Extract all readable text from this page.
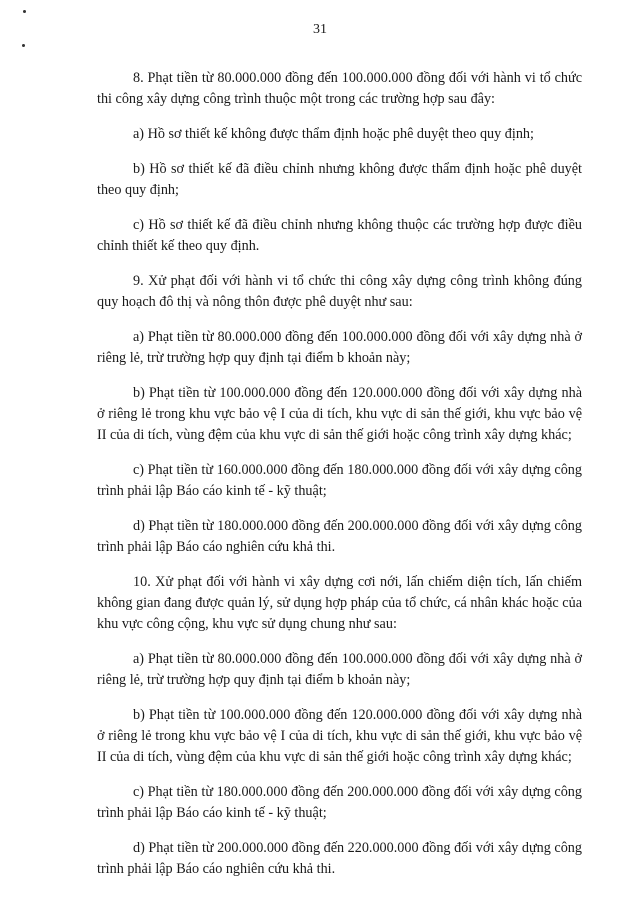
31

8. Phạt tiền từ 80.000.000 đồng đến 100.000.000 đồng đối với hành vi tổ chức thi công xây dựng công trình thuộc một trong các trường hợp sau đây:

a) Hồ sơ thiết kế không được thẩm định hoặc phê duyệt theo quy định;

b) Hồ sơ thiết kế đã điều chỉnh nhưng không được thẩm định hoặc phê duyệt theo quy định;

c) Hồ sơ thiết kế đã điều chỉnh nhưng không thuộc các trường hợp được điều chỉnh thiết kế theo quy định.

9. Xử phạt đối với hành vi tổ chức thi công xây dựng công trình không đúng quy hoạch đô thị và nông thôn được phê duyệt như sau:

a) Phạt tiền từ 80.000.000 đồng đến 100.000.000 đồng đối với xây dựng nhà ở riêng lẻ, trừ trường hợp quy định tại điểm b khoản này;

b) Phạt tiền từ 100.000.000 đồng đến 120.000.000 đồng đối với xây dựng nhà ở riêng lẻ trong khu vực bảo vệ I của di tích, khu vực di sản thế giới, khu vực bảo vệ II của di tích, vùng đệm của khu vực di sản thế giới hoặc công trình xây dựng khác;

c) Phạt tiền từ 160.000.000 đồng đến 180.000.000 đồng đối với xây dựng công trình phải lập Báo cáo kinh tế - kỹ thuật;

d) Phạt tiền từ 180.000.000 đồng đến 200.000.000 đồng đối với xây dựng công trình phải lập Báo cáo nghiên cứu khả thi.

10. Xử phạt đối với hành vi xây dựng cơi nới, lấn chiếm diện tích, lấn chiếm không gian đang được quản lý, sử dụng hợp pháp của tổ chức, cá nhân khác hoặc của khu vực công cộng, khu vực sử dụng chung như sau:

a) Phạt tiền từ 80.000.000 đồng đến 100.000.000 đồng đối với xây dựng nhà ở riêng lẻ, trừ trường hợp quy định tại điểm b khoản này;

b) Phạt tiền từ 100.000.000 đồng đến 120.000.000 đồng đối với xây dựng nhà ở riêng lẻ trong khu vực bảo vệ I của di tích, khu vực di sản thế giới, khu vực bảo vệ II của di tích, vùng đệm của khu vực di sản thế giới hoặc công trình xây dựng khác;

c) Phạt tiền từ 180.000.000 đồng đến 200.000.000 đồng đối với xây dựng công trình phải lập Báo cáo kinh tế - kỹ thuật;

d) Phạt tiền từ 200.000.000 đồng đến 220.000.000 đồng đối với xây dựng công trình phải lập Báo cáo nghiên cứu khả thi.
